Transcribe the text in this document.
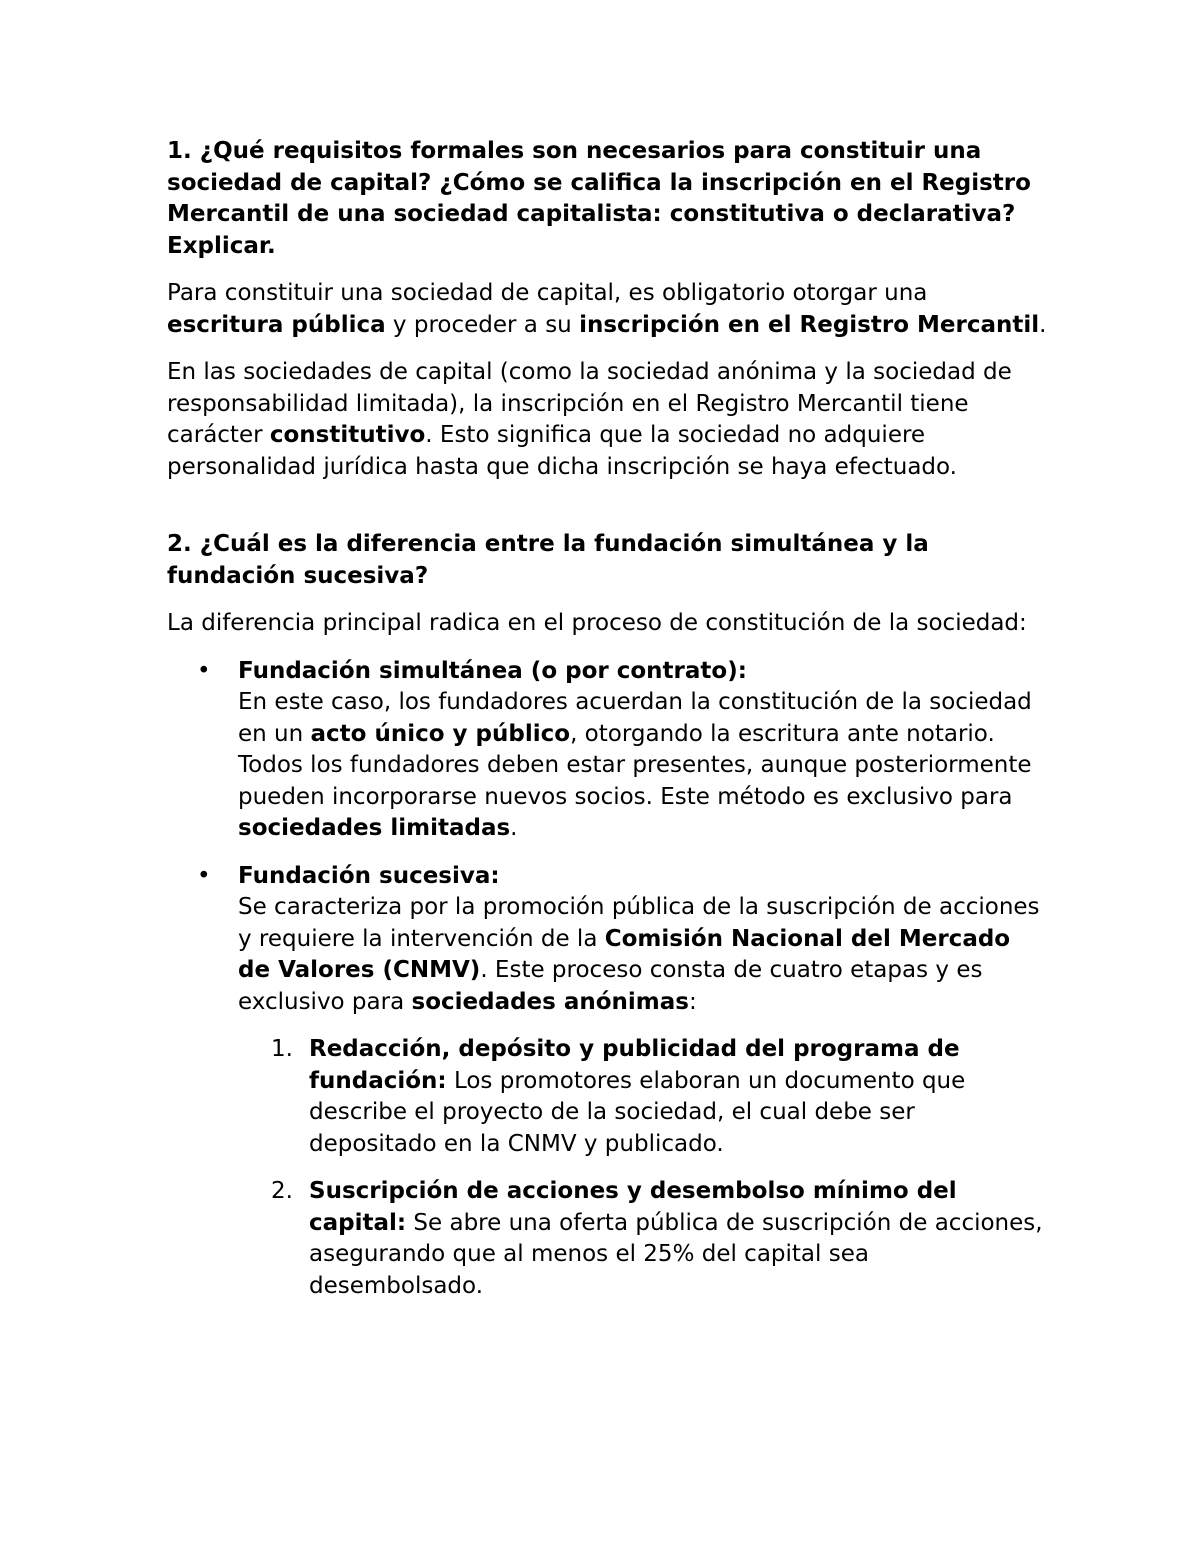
1. ¿Qué requisitos formales son necesarios para constituir una sociedad de capital? ¿Cómo se califica la inscripción en el Registro Mercantil de una sociedad capitalista: constitutiva o declarativa? Explicar.

Para constituir una sociedad de capital, es obligatorio otorgar una escritura pública y proceder a su inscripción en el Registro Mercantil.

En las sociedades de capital (como la sociedad anónima y la sociedad de responsabilidad limitada), la inscripción en el Registro Mercantil tiene carácter constitutivo. Esto significa que la sociedad no adquiere personalidad jurídica hasta que dicha inscripción se haya efectuado.

2. ¿Cuál es la diferencia entre la fundación simultánea y la fundación sucesiva?

La diferencia principal radica en el proceso de constitución de la sociedad:

• Fundación simultánea (o por contrato):
En este caso, los fundadores acuerdan la constitución de la sociedad en un acto único y público, otorgando la escritura ante notario. Todos los fundadores deben estar presentes, aunque posteriormente pueden incorporarse nuevos socios. Este método es exclusivo para sociedades limitadas.
• Fundación sucesiva:
Se caracteriza por la promoción pública de la suscripción de acciones y requiere la intervención de la Comisión Nacional del Mercado de Valores (CNMV). Este proceso consta de cuatro etapas y es exclusivo para sociedades anónimas:
1. Redacción, depósito y publicidad del programa de fundación: Los promotores elaboran un documento que describe el proyecto de la sociedad, el cual debe ser depositado en la CNMV y publicado.
2. Suscripción de acciones y desembolso mínimo del capital: Se abre una oferta pública de suscripción de acciones, asegurando que al menos el 25% del capital sea desembolsado.
